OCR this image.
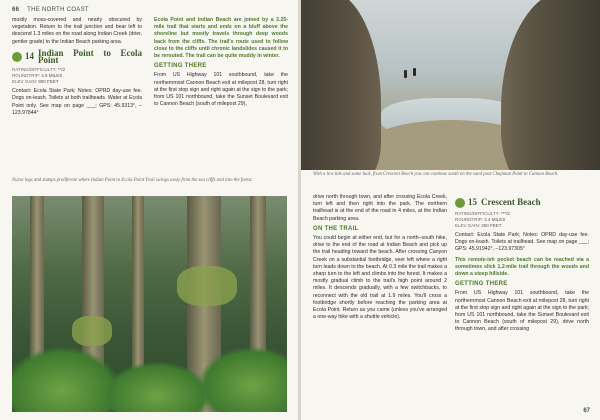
66 THE NORTH COAST

mostly moss-covered and nearly obscured by vegetation. Return to the trail junction and bear left to descend 1.3 miles on the road along Indian Creek (drier, gentler grade) to the Indian Beach parking area.

14 Indian Point to Ecola Point
RATING/DIFFICULTY: **/2
ROUNDTRIP: 4.5 MILES
ELEV GAIN: 900 FEET

Contact: Ecola State Park; Notes: OPRD day-use fee. Dogs on-leash. Toilets at both trailheads. Water at Ecola Point only. See map on page ___; GPS: 45.9313°, –123.97844°

Ecola Point and Indian Beach are joined by a 2.25-mile trail that starts and ends on a bluff above the shoreline but mostly travels through deep woods back from the cliffs. The trail's route used to follow close to the cliffs until chronic landslides caused it to be rerouted. The trail can be quite muddy in winter.

GETTING THERE

From US Highway 101 southbound, take the northernmost Cannon Beach exit at milepost 28, turn right at the first stop sign and right again at the sign to the park; from US 101 northbound, take the Sunset Boulevard exit to Cannon Beach (south of milepost 29),

Nurse logs and stumps proliferate where Indian Point to Ecola Point Trail swings away from the sea cliffs and into the forest.
With a low tide and some luck, from Crescent Beach you can continue south on the sand past Chapman Point to Cannon Beach.

drive north through town, and after crossing Ecola Creek, turn left and then right into the park. The northern trailhead is at the end of the road in 4 miles, at the Indian Beach parking area.

ON THE TRAIL

You could begin at either end, but for a north–south hike, drive to the end of the road at Indian Beach and pick up the trail heading toward the beach. After crossing Canyon Creek on a substantial footbridge, veer left where a right turn leads down to the beach. At 0.3 mile the trail makes a sharp turn to the left and climbs into the forest. It makes a mostly gradual climb to the trail's high point around 2 miles. It descends gradually, with a few switchbacks, to reconnect with the old trail at 1.9 miles. You'll cross a footbridge shortly before reaching the parking area at Ecola Point. Return as you came (unless you've arranged a one-way hike with a shuttle vehicle).

15 Crescent Beach
RATING/DIFFICULTY: ***/2
ROUNDTRIP: 2.4 MILES
ELEV GAIN: 250 FEET

Contact: Ecola State Park; Notes: OPRD day-use fee. Dogs on-leash. Toilets at trailhead. See map on page ___; GPS: 45.91942°, –123.97305°

This remote-ish pocket beach can be reached via a sometimes slick 1.2-mile trail through the woods and down a steep hillside.

GETTING THERE

From US Highway 101 southbound, take the northernmost Cannon Beach exit at milepost 28, turn right at the first stop sign and right again at the sign to the park; from US 101 northbound, take the Sunset Boulevard exit to Cannon Beach (south of milepost 29), drive north through town, and after crossing

67
